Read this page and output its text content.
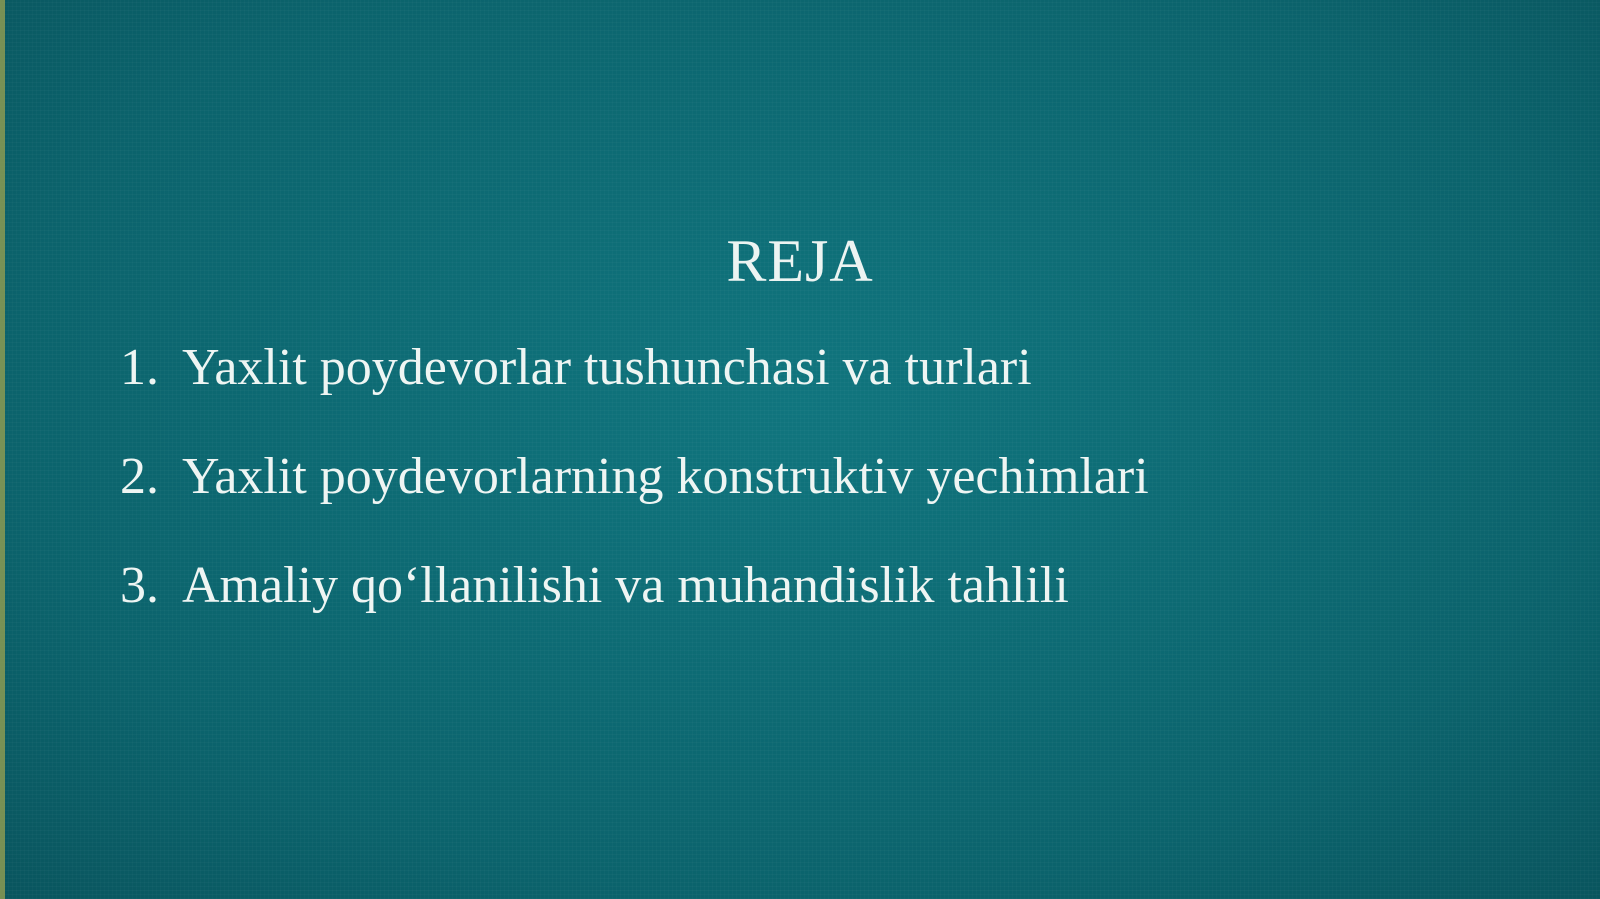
REJA
1. Yaxlit poydevorlar tushunchasi va turlari
2. Yaxlit poydevorlarning konstruktiv yechimlari
3. Amaliy qo‘llanilishi va muhandislik tahlili
